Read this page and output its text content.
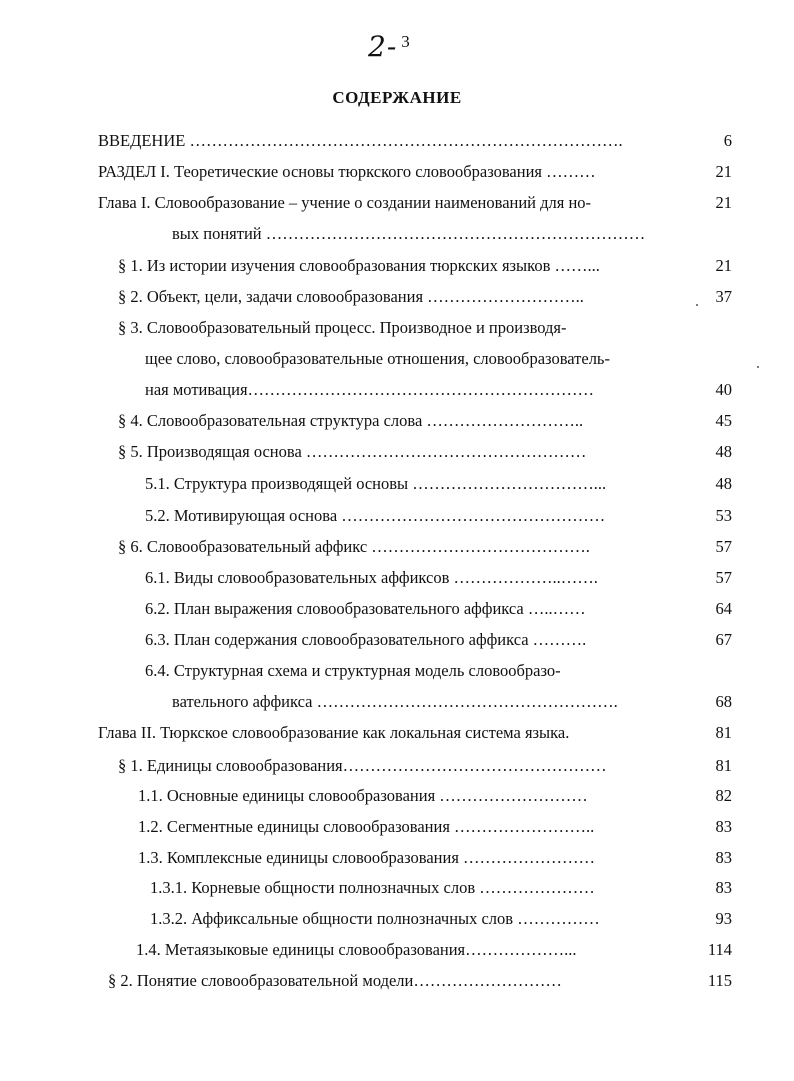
2- $^3$
СОДЕРЖАНИЕ
ВВЕДЕНИЕ …………………………………………………………………….	6
РАЗДЕЛ I. Теоретические основы тюркского словообразования ………	21
Глава I. Словообразование – учение о создании наименований для но-	21
вых понятий ……………………………………………………………
§ 1. Из истории изучения словообразования тюркских языков ……...	21
§ 2. Объект, цели, задачи словообразования ………………………..	37
§ 3. Словообразовательный процесс. Производное и производя-
щее слово, словообразовательные отношения, словообразователь-
ная мотивация………………………………………………………	40
§ 4. Словообразовательная структура слова ………………………..	45
§ 5. Производящая основа ……………………………………………	48
5.1. Структура производящей основы ……………………………...	48
5.2. Мотивирующая основа …………………………………………	53
§ 6. Словообразовательный аффикс ………………………………….	57
6.1. Виды словообразовательных аффиксов ………………..…….	57
6.2. План выражения словообразовательного аффикса …..……	64
6.3. План содержания словообразовательного аффикса ……….	67
6.4. Структурная схема и структурная модель словообразо-
вательного аффикса ……………………………………………….	68
Глава II. Тюркское словообразование как локальная система языка.	81
§ 1. Единицы словообразования…………………………………………	81
1.1. Основные единицы словообразования ………………………	82
1.2. Сегментные единицы словообразования ……………………..	83
1.3. Комплексные единицы словообразования ……………………	83
1.3.1. Корневые общности полнозначных слов …………………	83
1.3.2. Аффиксальные общности полнозначных слов ……………	93
1.4. Метаязыковые единицы словообразования………………...	114
§ 2. Понятие словообразовательной модели………………………	115
